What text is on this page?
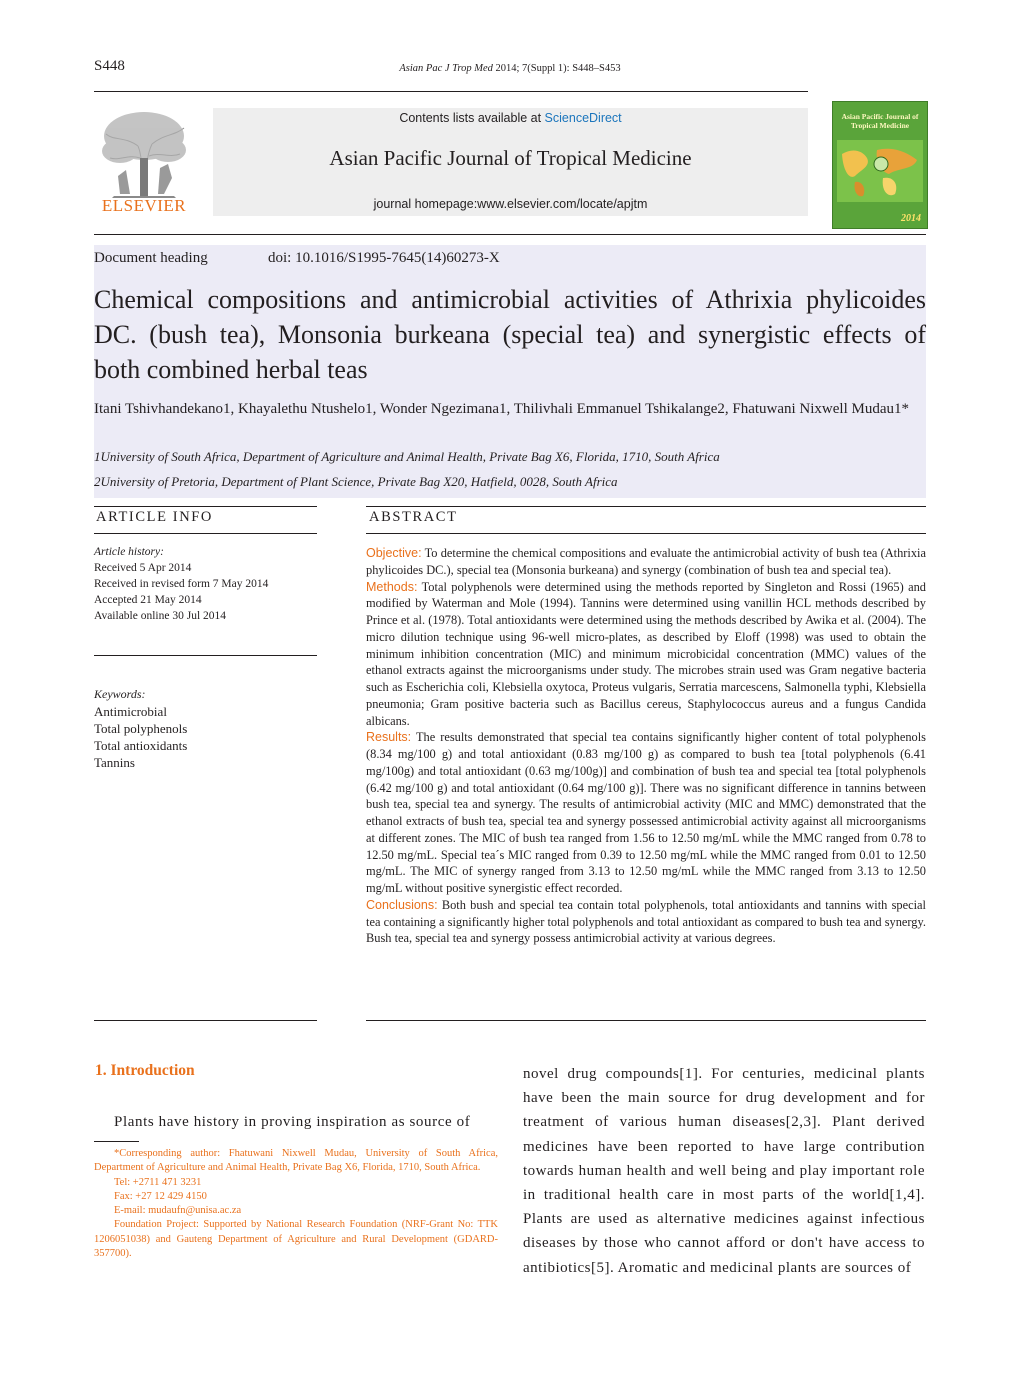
S448	Asian Pac J Trop Med 2014; 7(Suppl 1): S448–S453
ELSEVIER
Contents lists available at ScienceDirect
Asian Pacific Journal of Tropical Medicine
journal homepage:www.elsevier.com/locate/apjtm
Asian Pacific Journal of Tropical Medicine
2014
Document heading	doi: 10.1016/S1995-7645(14)60273-X
Chemical compositions and antimicrobial activities of Athrixia phylicoides
DC. (bush tea), Monsonia burkeana (special tea) and synergistic effects of
both combined herbal teas
Itani Tshivhandekano1, Khayalethu Ntushelo1, Wonder Ngezimana1, Thilivhali Emmanuel Tshikalange2, Fhatuwani Nixwell Mudau1*
1University of South Africa, Department of Agriculture and Animal Health, Private Bag X6, Florida, 1710, South Africa
2University of Pretoria, Department of Plant Science, Private Bag X20, Hatfield, 0028, South Africa
ARTICLE INFO
Article history:
Received 5 Apr 2014
Received in revised form 7 May 2014
Accepted 21 May 2014
Available online 30 Jul 2014
Keywords:
Antimicrobial
Total polyphenols
Total antioxidants
Tannins
ABSTRACT

Objective: To determine the chemical compositions and evaluate the antimicrobial activity of bush tea (Athrixia phylicoides DC.), special tea (Monsonia burkeana) and synergy (combination of bush tea and special tea).

Methods: Total polyphenols were determined using the methods reported by Singleton and Rossi (1965) and modified by Waterman and Mole (1994). Tannins were determined using vanillin HCL methods described by Prince et al. (1978). Total antioxidants were determined using the methods described by Awika et al. (2004). The micro dilution technique using 96-well micro-plates, as described by Eloff (1998) was used to obtain the minimum inhibition concentration (MIC) and minimum microbicidal concentration (MMC) values of the ethanol extracts against the microorganisms under study. The microbes strain used was Gram negative bacteria such as Escherichia coli, Klebsiella oxytoca, Proteus vulgaris, Serratia marcescens, Salmonella typhi, Klebsiella pneumonia; Gram positive bacteria such as Bacillus cereus, Staphylococcus aureus and a fungus Candida albicans.

Results: The results demonstrated that special tea contains significantly higher content of total polyphenols (8.34 mg/100 g) and total antioxidant (0.83 mg/100 g) as compared to bush tea [total polyphenols (6.41 mg/100g) and total antioxidant (0.63 mg/100g)] and combination of bush tea and special tea [total polyphenols (6.42 mg/100 g) and total antioxidant (0.64 mg/100 g)]. There was no significant difference in tannins between bush tea, special tea and synergy. The results of antimicrobial activity (MIC and MMC) demonstrated that the ethanol extracts of bush tea, special tea and synergy possessed antimicrobial activity against all microorganisms at different zones. The MIC of bush tea ranged from 1.56 to 12.50 mg/mL while the MMC ranged from 0.78 to 12.50 mg/mL. Special tea´s MIC ranged from 0.39 to 12.50 mg/mL while the MMC ranged from 0.01 to 12.50 mg/mL. The MIC of synergy ranged from 3.13 to 12.50 mg/mL while the MMC ranged from 3.13 to 12.50 mg/mL without positive synergistic effect recorded.

Conclusions: Both bush and special tea contain total polyphenols, total antioxidants and tannins with special tea containing a significantly higher total polyphenols and total antioxidant as compared to bush tea and synergy. Bush tea, special tea and synergy possess antimicrobial activity at various degrees.

1. Introduction
Plants have history in proving inspiration as source of

*Corresponding author: Fhatuwani Nixwell Mudau, University of South Africa, Department of Agriculture and Animal Health, Private Bag X6, Florida, 1710, South Africa.

Tel: +2711 471 3231

Fax: +27 12 429 4150

E-mail: mudaufn@unisa.ac.za

Foundation Project: Supported by National Research Foundation (NRF-Grant No: TTK 1206051038) and Gauteng Department of Agriculture and Rural Development (GDARD-357700).

novel drug compounds[1]. For centuries, medicinal plants have been the main source for drug development and for treatment of various human diseases[2,3]. Plant derived medicines have been reported to have large contribution towards human health and well being and play important role in traditional health care in most parts of the world[1,4]. Plants are used as alternative medicines against infectious diseases by those who cannot afford or don't have access to antibiotics[5]. Aromatic and medicinal plants are sources of
